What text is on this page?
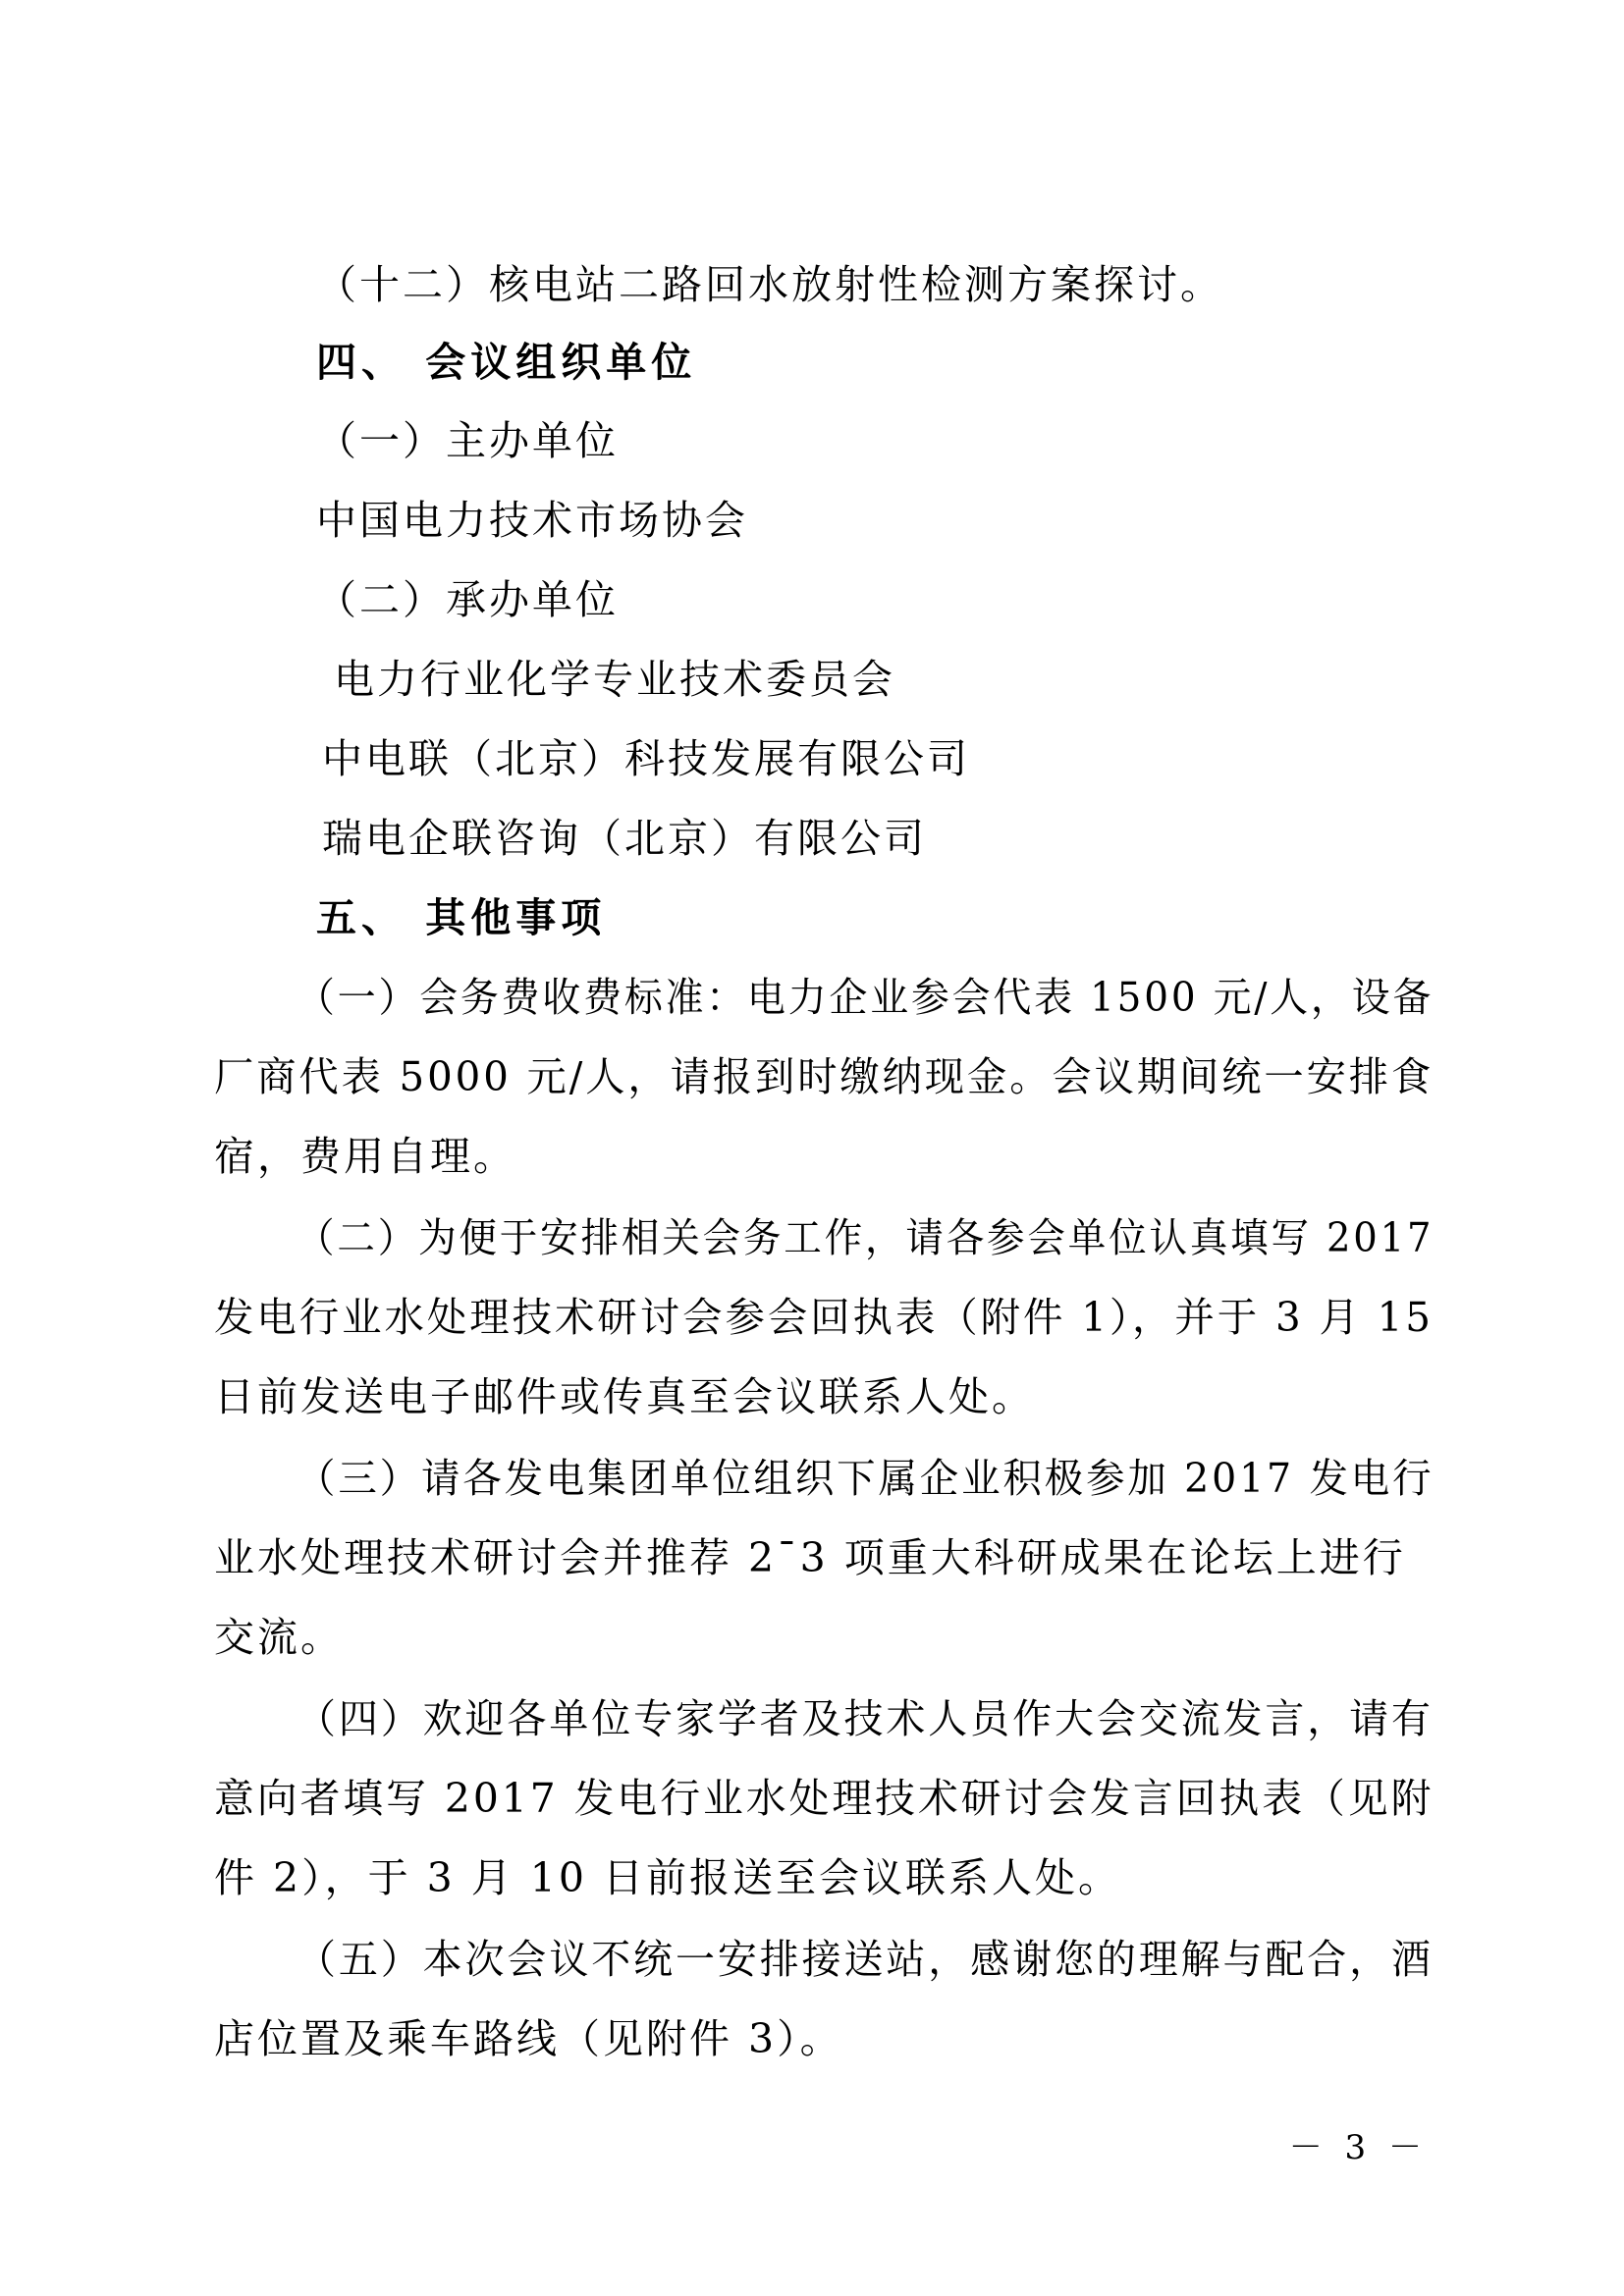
（十二）核电站二路回水放射性检测方案探讨。
四、 会议组织单位
（一）主办单位
中国电力技术市场协会
（二）承办单位
电力行业化学专业技术委员会
中电联（北京）科技发展有限公司
瑞电企联咨询（北京）有限公司
五、 其他事项
（一）会务费收费标准：电力企业参会代表 1500 元/人，设备
厂商代表 5000 元/人，请报到时缴纳现金。会议期间统一安排食
宿，费用自理。
（二）为便于安排相关会务工作，请各参会单位认真填写 2017
发电行业水处理技术研讨会参会回执表（附件 1），并于 3 月 15
日前发送电子邮件或传真至会议联系人处。
（三）请各发电集团单位组织下属企业积极参加 2017 发电行
业水处理技术研讨会并推荐 2¯3 项重大科研成果在论坛上进行
交流。
（四）欢迎各单位专家学者及技术人员作大会交流发言，请有
意向者填写 2017 发电行业水处理技术研讨会发言回执表（见附
件 2），于 3 月 10 日前报送至会议联系人处。
（五）本次会议不统一安排接送站，感谢您的理解与配合，酒
店位置及乘车路线（见附件 3）。
－ 3 －
